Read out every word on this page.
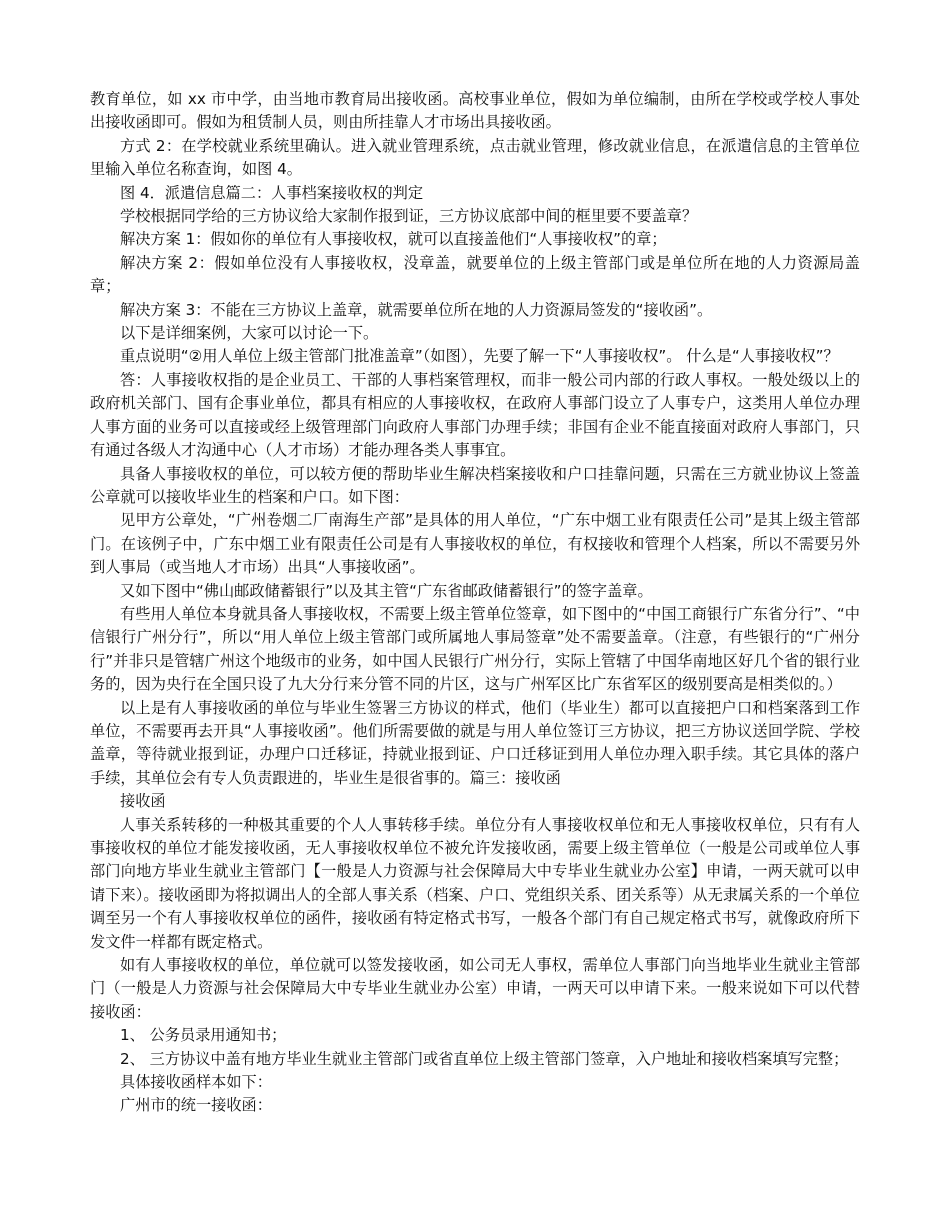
教育单位，如 xx 市中学，由当地市教育局出接收函。高校事业单位，假如为单位编制，由所在学校或学校人事处出接收函即可。假如为租赁制人员，则由所挂靠人才市场出具接收函。

方式 2：在学校就业系统里确认。进入就业管理系统，点击就业管理，修改就业信息，在派遣信息的主管单位里输入单位名称查询，如图 4。

图 4．派遣信息篇二：人事档案接收权的判定

学校根据同学给的三方协议给大家制作报到证，三方协议底部中间的框里要不要盖章？

解决方案 1：假如你的单位有人事接收权，就可以直接盖他们“人事接收权”的章；

解决方案 2：假如单位没有人事接收权，没章盖，就要单位的上级主管部门或是单位所在地的人力资源局盖章；

解决方案 3：不能在三方协议上盖章，就需要单位所在地的人力资源局签发的“接收函”。

以下是详细案例，大家可以讨论一下。

重点说明“②用人单位上级主管部门批准盖章”（如图），先要了解一下“人事接收权”。 什么是“人事接收权”？

答：人事接收权指的是企业员工、干部的人事档案管理权，而非一般公司内部的行政人事权。一般处级以上的政府机关部门、国有企事业单位，都具有相应的人事接收权，在政府人事部门设立了人事专户，这类用人单位办理人事方面的业务可以直接或经上级管理部门向政府人事部门办理手续；非国有企业不能直接面对政府人事部门，只有通过各级人才沟通中心（人才市场）才能办理各类人事事宜。

具备人事接收权的单位，可以较方便的帮助毕业生解决档案接收和户口挂靠问题，只需在三方就业协议上签盖公章就可以接收毕业生的档案和户口。如下图：

见甲方公章处，“广州卷烟二厂南海生产部”是具体的用人单位，“广东中烟工业有限责任公司”是其上级主管部门。在该例子中，广东中烟工业有限责任公司是有人事接收权的单位，有权接收和管理个人档案，所以不需要另外到人事局（或当地人才市场）出具“人事接收函”。

又如下图中“佛山邮政储蓄银行”以及其主管“广东省邮政储蓄银行”的签字盖章。

有些用人单位本身就具备人事接收权，不需要上级主管单位签章，如下图中的“中国工商银行广东省分行”、“中信银行广州分行”，所以“用人单位上级主管部门或所属地人事局签章”处不需要盖章。（注意，有些银行的“广州分行”并非只是管辖广州这个地级市的业务，如中国人民银行广州分行，实际上管辖了中国华南地区好几个省的银行业务的，因为央行在全国只设了九大分行来分管不同的片区，这与广州军区比广东省军区的级别要高是相类似的。）

以上是有人事接收函的单位与毕业生签署三方协议的样式，他们（毕业生）都可以直接把户口和档案落到工作单位，不需要再去开具“人事接收函”。他们所需要做的就是与用人单位签订三方协议，把三方协议送回学院、学校盖章，等待就业报到证，办理户口迁移证，持就业报到证、户口迁移证到用人单位办理入职手续。其它具体的落户手续，其单位会有专人负责跟进的，毕业生是很省事的。篇三：接收函

接收函

人事关系转移的一种极其重要的个人人事转移手续。单位分有人事接收权单位和无人事接收权单位，只有有人事接收权的单位才能发接收函，无人事接收权单位不被允许发接收函，需要上级主管单位（一般是公司或单位人事部门向地方毕业生就业主管部门【一般是人力资源与社会保障局大中专毕业生就业办公室】申请，一两天就可以申请下来）。接收函即为将拟调出人的全部人事关系（档案、户口、党组织关系、团关系等）从无隶属关系的一个单位调至另一个有人事接收权单位的函件，接收函有特定格式书写，一般各个部门有自己规定格式书写，就像政府所下发文件一样都有既定格式。

如有人事接收权的单位，单位就可以签发接收函，如公司无人事权，需单位人事部门向当地毕业生就业主管部门（一般是人力资源与社会保障局大中专毕业生就业办公室）申请，一两天可以申请下来。一般来说如下可以代替接收函：

1、 公务员录用通知书；

2、 三方协议中盖有地方毕业生就业主管部门或省直单位上级主管部门签章，入户地址和接收档案填写完整；

具体接收函样本如下：

广州市的统一接收函：
